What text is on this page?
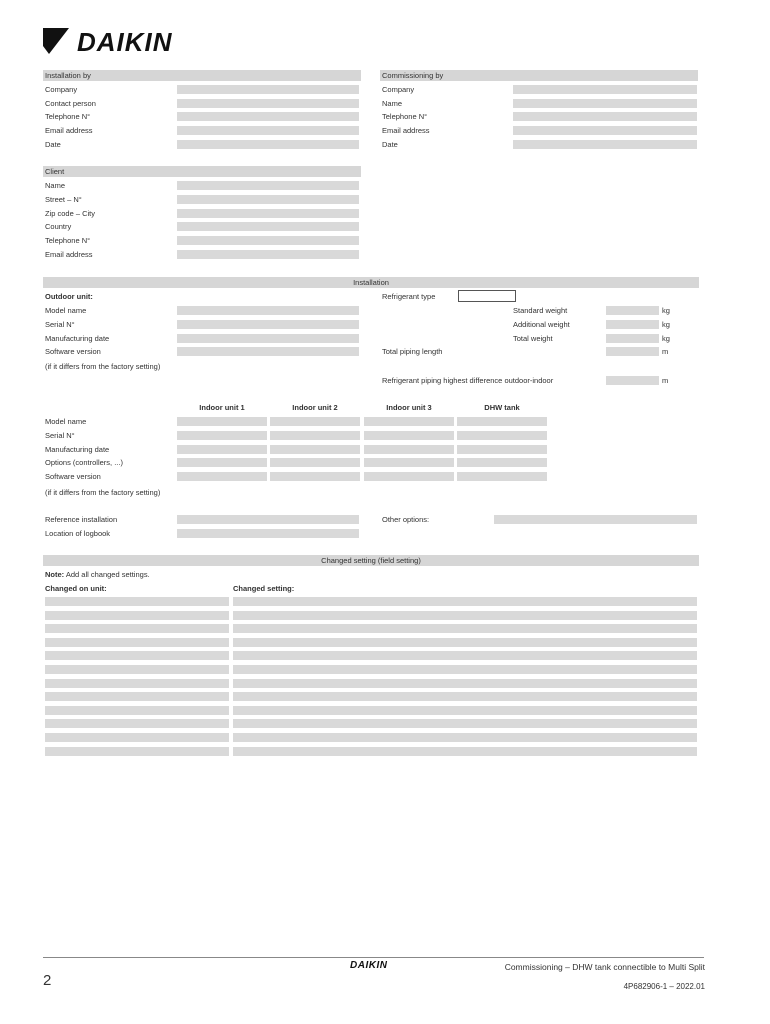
DAIKIN
Installation by
Company
Contact person
Telephone N°
Email address
Date
Commissioning by
Company
Name
Telephone N°
Email address
Date
Client
Name
Street – N°
Zip code – City
Country
Telephone N°
Email address
Installation
Outdoor unit:
Model name
Serial N°
Manufacturing date
Software version
(if it differs from the factory setting)
Refrigerant type
Standard weight	kg
Additional weight	kg
Total weight	kg
Total piping length	m
Refrigerant piping highest difference outdoor-indoor	m
Indoor unit 1	Indoor unit 2	Indoor unit 3	DHW tank
Model name
Serial N°
Manufacturing date
Options (controllers, ...)
Software version
(if it differs from the factory setting)
Reference installation
Location of logbook
Other options:
Changed setting (field setting)
Note: Add all changed settings.
Changed on unit:	Changed setting:
2
DAIKIN	Commissioning – DHW tank connectible to Multi Split
4P682906-1 – 2022.01
